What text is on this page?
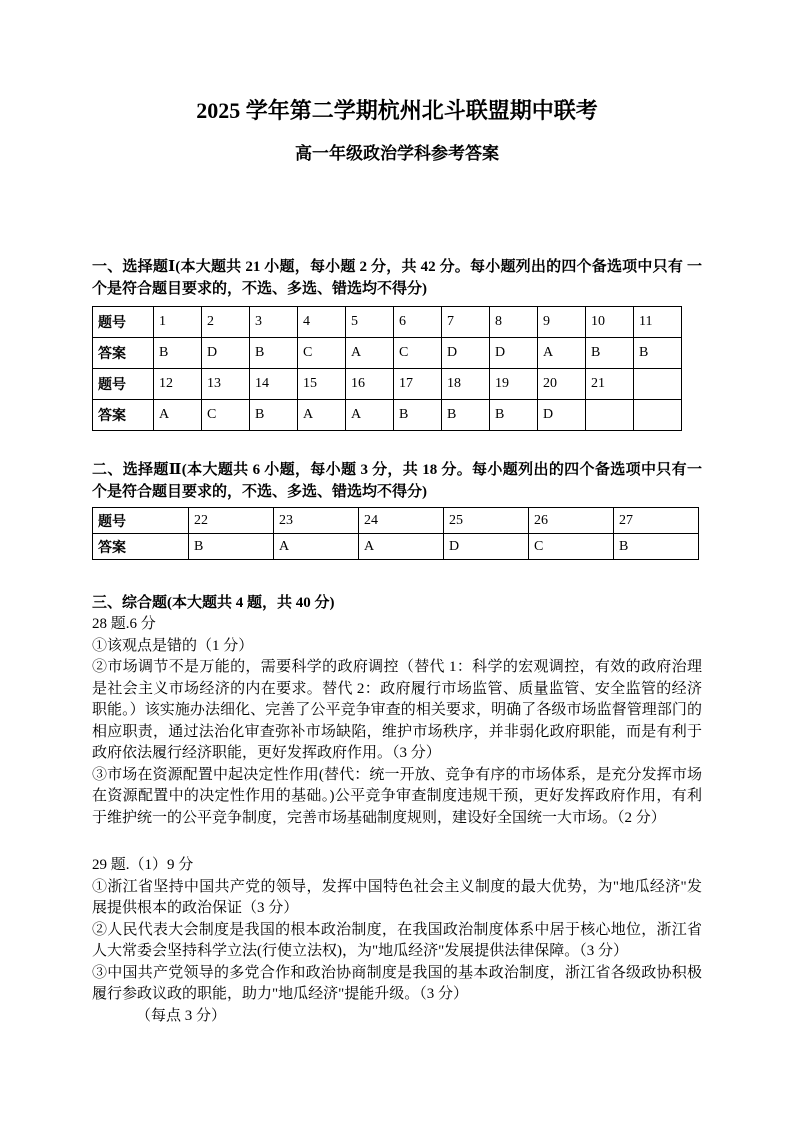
2025 学年第二学期杭州北斗联盟期中联考
高一年级政治学科参考答案
一、选择题Ⅰ(本大题共 21 小题，每小题 2 分，共 42 分。每小题列出的四个备选项中只有 一个是符合题目要求的，不选、多选、错选均不得分)
题号	1	2	3	4	5	6	7	8	9	10	11
答案	B	D	B	C	A	C	D	D	A	B	B
题号	12	13	14	15	16	17	18	19	20	21	
答案	A	C	B	A	A	B	B	B	D		
二、选择题Ⅱ(本大题共 6 小题，每小题 3 分，共 18 分。每小题列出的四个备选项中只有一个是符合题目要求的，不选、多选、错选均不得分)
题号	22	23	24	25	26	27
答案	B	A	A	D	C	B
三、综合题(本大题共 4 题，共 40 分)

28 题.6 分

①该观点是错的（1 分）

②市场调节不是万能的，需要科学的政府调控（替代 1：科学的宏观调控，有效的政府治理是社会主义市场经济的内在要求。替代 2：政府履行市场监管、质量监管、安全监管的经济职能。）该实施办法细化、完善了公平竞争审查的相关要求，明确了各级市场监督管理部门的相应职责，通过法治化审查弥补市场缺陷，维护市场秩序，并非弱化政府职能，而是有利于政府依法履行经济职能，更好发挥政府作用。（3 分）

③市场在资源配置中起决定性作用(替代：统一开放、竞争有序的市场体系，是充分发挥市场在资源配置中的决定性作用的基础。)公平竞争审查制度违规干预，更好发挥政府作用，有利于维护统一的公平竞争制度，完善市场基础制度规则，建设好全国统一大市场。（2 分）

29 题.（1）9 分

①浙江省坚持中国共产党的领导，发挥中国特色社会主义制度的最大优势，为"地瓜经济"发展提供根本的政治保证（3 分）

②人民代表大会制度是我国的根本政治制度，在我国政治制度体系中居于核心地位，浙江省人大常委会坚持科学立法(行使立法权)，为"地瓜经济"发展提供法律保障。（3 分）

③中国共产党领导的多党合作和政治协商制度是我国的基本政治制度，浙江省各级政协积极履行参政议政的职能，助力"地瓜经济"提能升级。（3 分）

（每点 3 分）
